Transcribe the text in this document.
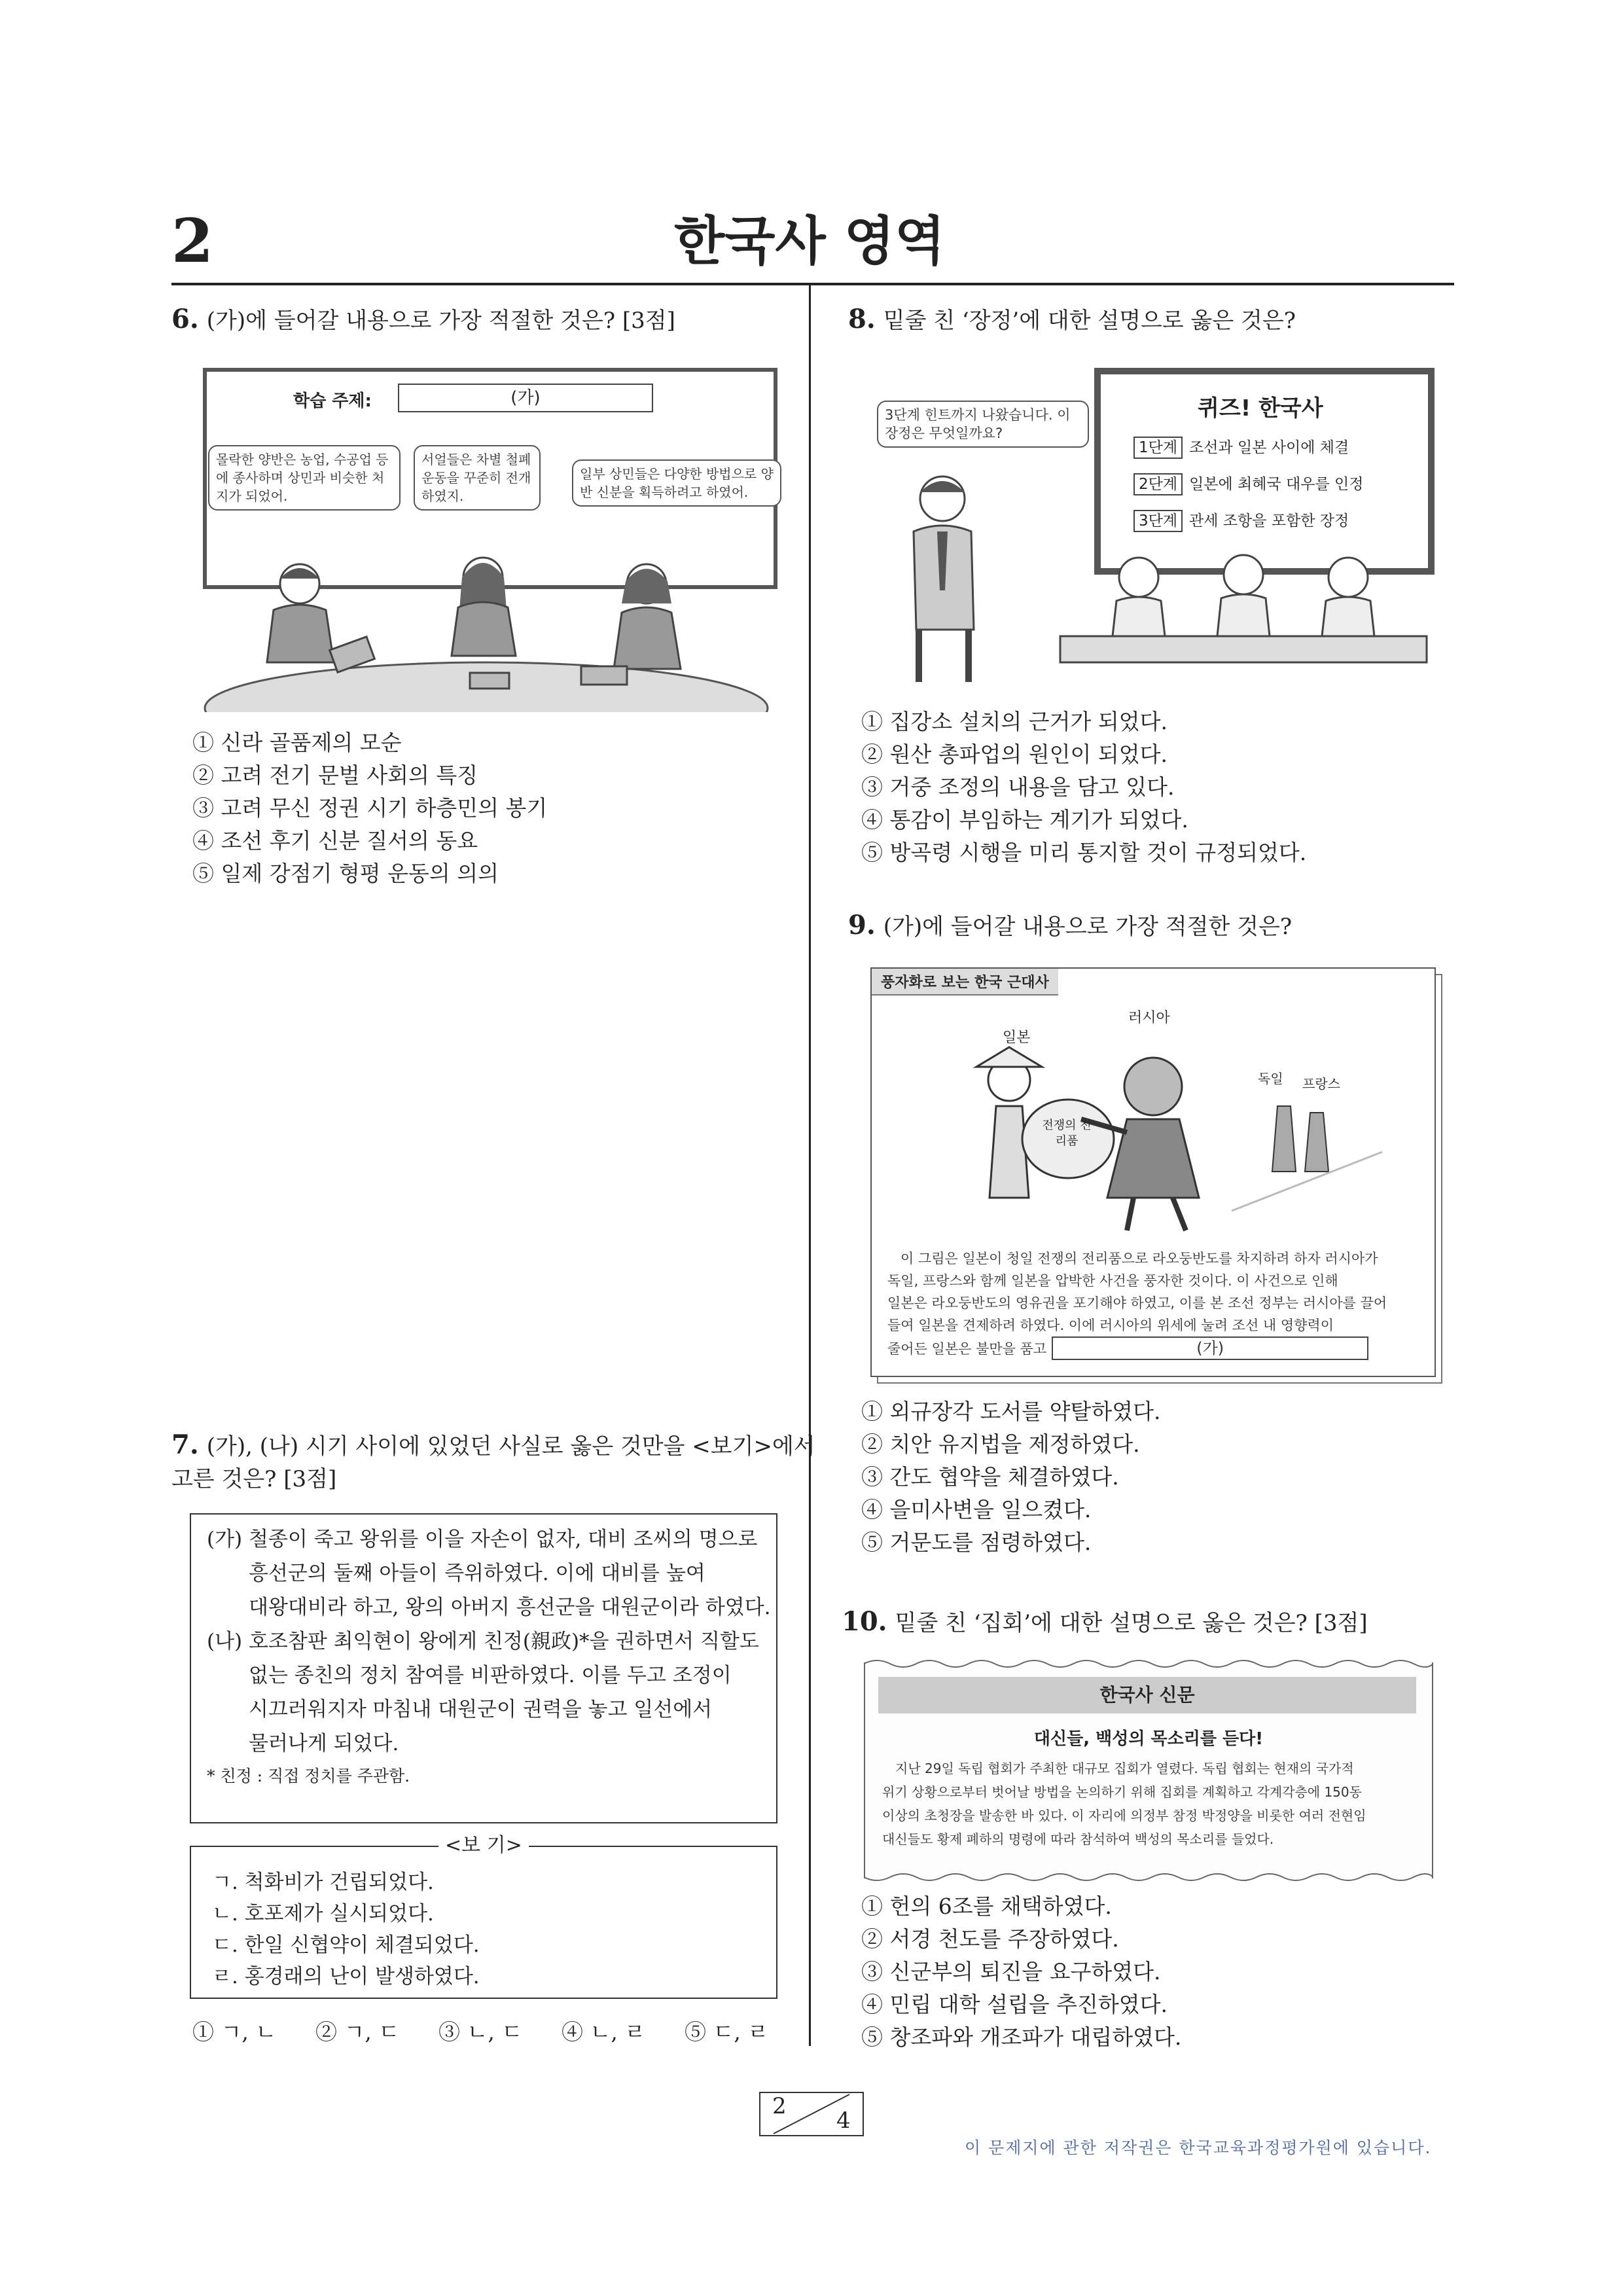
2	한국사 영역
6. (가)에 들어갈 내용으로 가장 적절한 것은? [3점]
학습 주제:	(가)
몰락한 양반은 농업, 수공업 등에 종사하며 상민과 비슷한 처지가 되었어.
서얼들은 차별 철폐 운동을 꾸준히 전개 하였지.
일부 상민들은 다양한 방법으로 양반 신분을 획득하려고 하였어.
① 신라 골품제의 모순
② 고려 전기 문벌 사회의 특징
③ 고려 무신 정권 시기 하층민의 봉기
④ 조선 후기 신분 질서의 동요
⑤ 일제 강점기 형평 운동의 의의
7. (가), (나) 시기 사이에 있었던 사실로 옳은 것만을 <보기>에서
고른 것은? [3점]
(가) 철종이 죽고 왕위를 이을 자손이 없자, 대비 조씨의 명으로
흥선군의 둘째 아들이 즉위하였다. 이에 대비를 높여
대왕대비라 하고, 왕의 아버지 흥선군을 대원군이라 하였다.
(나) 호조참판 최익현이 왕에게 친정(親政)*을 권하면서 직할도
없는 종친의 정치 참여를 비판하였다. 이를 두고 조정이
시끄러워지자 마침내 대원군이 권력을 놓고 일선에서
물러나게 되었다.
* 친정 : 직접 정치를 주관함.
<보 기>
ㄱ. 척화비가 건립되었다.
ㄴ. 호포제가 실시되었다.
ㄷ. 한일 신협약이 체결되었다.
ㄹ. 홍경래의 난이 발생하였다.
① ㄱ, ㄴ ② ㄱ, ㄷ ③ ㄴ, ㄷ ④ ㄴ, ㄹ ⑤ ㄷ, ㄹ
8. 밑줄 친 ‘장정’에 대한 설명으로 옳은 것은?
3단계 힌트까지 나왔습니다. 이 장정은 무엇일까요?
퀴즈! 한국사
1단계 조선과 일본 사이에 체결
2단계 일본에 최혜국 대우를 인정
3단계 관세 조항을 포함한 장정
① 집강소 설치의 근거가 되었다.
② 원산 총파업의 원인이 되었다.
③ 거중 조정의 내용을 담고 있다.
④ 통감이 부임하는 계기가 되었다.
⑤ 방곡령 시행을 미리 통지할 것이 규정되었다.
9. (가)에 들어갈 내용으로 가장 적절한 것은?
풍자화로 보는 한국 근대사
러시아
일본
독일 프랑스
전쟁의 전리품
이 그림은 일본이 청일 전쟁의 전리품으로 라오둥반도를 차지하려 하자 러시아가
독일, 프랑스와 함께 일본을 압박한 사건을 풍자한 것이다. 이 사건으로 인해
일본은 라오둥반도의 영유권을 포기해야 하였고, 이를 본 조선 정부는 러시아를 끌어
들여 일본을 견제하려 하였다. 이에 러시아의 위세에 눌려 조선 내 영향력이
줄어든 일본은 불만을 품고	(가)
① 외규장각 도서를 약탈하였다.
② 치안 유지법을 제정하였다.
③ 간도 협약을 체결하였다.
④ 을미사변을 일으켰다.
⑤ 거문도를 점령하였다.
10. 밑줄 친 ‘집회’에 대한 설명으로 옳은 것은? [3점]
한국사 신문
대신들, 백성의 목소리를 듣다!
지난 29일 독립 협회가 주최한 대규모 집회가 열렸다. 독립 협회는 현재의 국가적
위기 상황으로부터 벗어날 방법을 논의하기 위해 집회를 계획하고 각계각층에 150동
이상의 초청장을 발송한 바 있다. 이 자리에 의정부 참정 박정양을 비롯한 여러 전현임
대신들도 황제 폐하의 명령에 따라 참석하여 백성의 목소리를 들었다.
① 헌의 6조를 채택하였다.
② 서경 천도를 주장하였다.
③ 신군부의 퇴진을 요구하였다.
④ 민립 대학 설립을 추진하였다.
⑤ 창조파와 개조파가 대립하였다.
2
4
이 문제지에 관한 저작권은 한국교육과정평가원에 있습니다.
